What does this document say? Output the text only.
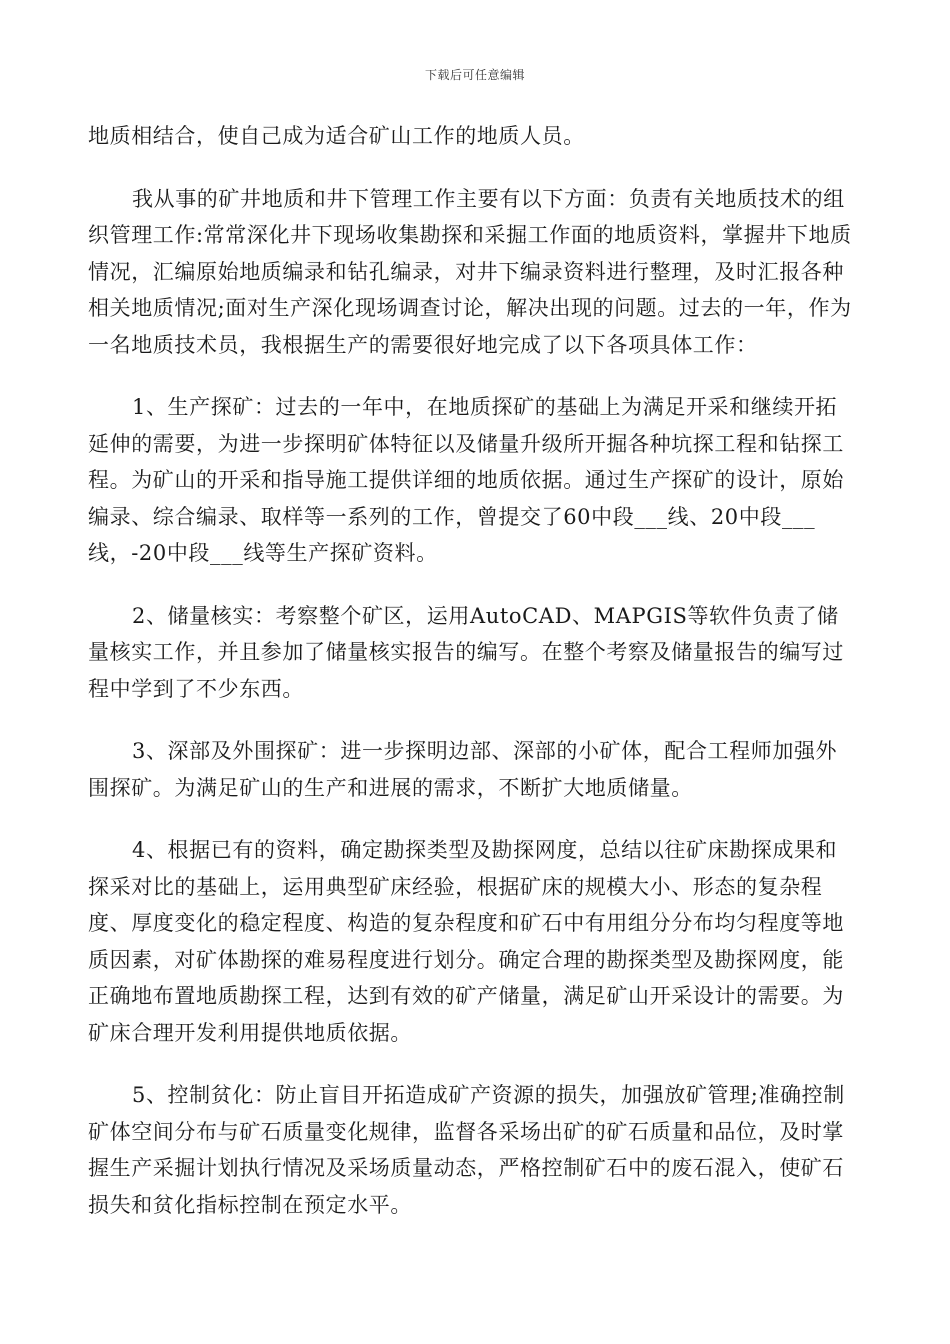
下载后可任意编辑

地质相结合，使自己成为适合矿山工作的地质人员。

我从事的矿井地质和井下管理工作主要有以下方面：负责有关地质技术的组织管理工作:常常深化井下现场收集勘探和采掘工作面的地质资料，掌握井下地质情况，汇编原始地质编录和钻孔编录，对井下编录资料进行整理，及时汇报各种相关地质情况;面对生产深化现场调查讨论，解决出现的问题。过去的一年，作为一名地质技术员，我根据生产的需要很好地完成了以下各项具体工作：

1、生产探矿：过去的一年中，在地质探矿的基础上为满足开采和继续开拓延伸的需要，为进一步探明矿体特征以及储量升级所开掘各种坑探工程和钻探工程。为矿山的开采和指导施工提供详细的地质依据。通过生产探矿的设计，原始编录、综合编录、取样等一系列的工作，曾提交了60中段___线、20中段___线，-20中段___线等生产探矿资料。

2、储量核实：考察整个矿区，运用AutoCAD、MAPGIS等软件负责了储量核实工作，并且参加了储量核实报告的编写。在整个考察及储量报告的编写过程中学到了不少东西。

3、深部及外围探矿：进一步探明边部、深部的小矿体，配合工程师加强外围探矿。为满足矿山的生产和进展的需求，不断扩大地质储量。

4、根据已有的资料，确定勘探类型及勘探网度，总结以往矿床勘探成果和探采对比的基础上，运用典型矿床经验，根据矿床的规模大小、形态的复杂程度、厚度变化的稳定程度、构造的复杂程度和矿石中有用组分分布均匀程度等地质因素，对矿体勘探的难易程度进行划分。确定合理的勘探类型及勘探网度，能正确地布置地质勘探工程，达到有效的矿产储量，满足矿山开采设计的需要。为矿床合理开发利用提供地质依据。

5、控制贫化：防止盲目开拓造成矿产资源的损失，加强放矿管理;准确控制矿体空间分布与矿石质量变化规律，监督各采场出矿的矿石质量和品位，及时掌握生产采掘计划执行情况及采场质量动态，严格控制矿石中的废石混入，使矿石损失和贫化指标控制在预定水平。
